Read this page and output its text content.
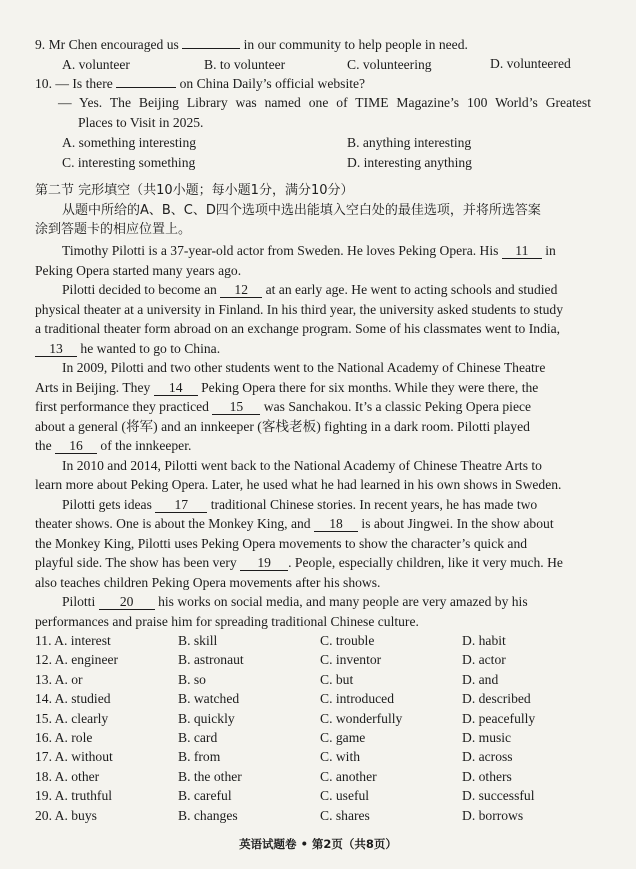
9. Mr Chen encouraged us	in our community to help people in need.
A. volunteer	B. to volunteer	C. volunteering	D. volunteered
10. — Is there	on China Daily’s official website?
— Yes. The Beijing Library was named one of TIME Magazine’s 100 World’s Greatest
Places to Visit in 2025.
A. something interesting	B. anything interesting
C. interesting something	D. interesting anything
第二节 完形填空（共10小题；每小题1分，满分10分）
从题中所给的A、B、C、D四个选项中选出能填入空白处的最佳选项，并将所选答案
涂到答题卡的相应位置上。
Timothy Pilotti is a 37-year-old actor from Sweden. He loves Peking Opera. His 11 in
Peking Opera started many years ago.
Pilotti decided to become an 12 at an early age. He went to acting schools and studied
physical theater at a university in Finland. In his third year, the university asked students to study
a traditional theater form abroad on an exchange program. Some of his classmates went to India,
13 he wanted to go to China.
In 2009, Pilotti and two other students went to the National Academy of Chinese Theatre
Arts in Beijing. They 14 Peking Opera there for six months. While they were there, the
first performance they practiced 15 was Sanchakou. It’s a classic Peking Opera piece
about a general (将军) and an innkeeper (客栈老板) fighting in a dark room. Pilotti played
the 16 of the innkeeper.
In 2010 and 2014, Pilotti went back to the National Academy of Chinese Theatre Arts to
learn more about Peking Opera. Later, he used what he had learned in his own shows in Sweden.
Pilotti gets ideas 17 traditional Chinese stories. In recent years, he has made two
theater shows. One is about the Monkey King, and 18 is about Jingwei. In the show about
the Monkey King, Pilotti uses Peking Opera movements to show the character’s quick and
playful side. The show has been very 19 . People, especially children, like it very much. He
also teaches children Peking Opera movements after his shows.
Pilotti 20 his works on social media, and many people are very amazed by his
performances and praise him for spreading traditional Chinese culture.
11. A. interest	B. skill	C. trouble	D. habit
12. A. engineer	B. astronaut	C. inventor	D. actor
13. A. or	B. so	C. but	D. and
14. A. studied	B. watched	C. introduced	D. described
15. A. clearly	B. quickly	C. wonderfully	D. peacefully
16. A. role	B. card	C. game	D. music
17. A. without	B. from	C. with	D. across
18. A. other	B. the other	C. another	D. others
19. A. truthful	B. careful	C. useful	D. successful
20. A. buys	B. changes	C. shares	D. borrows
英语试题卷 • 第2页（共8页）
